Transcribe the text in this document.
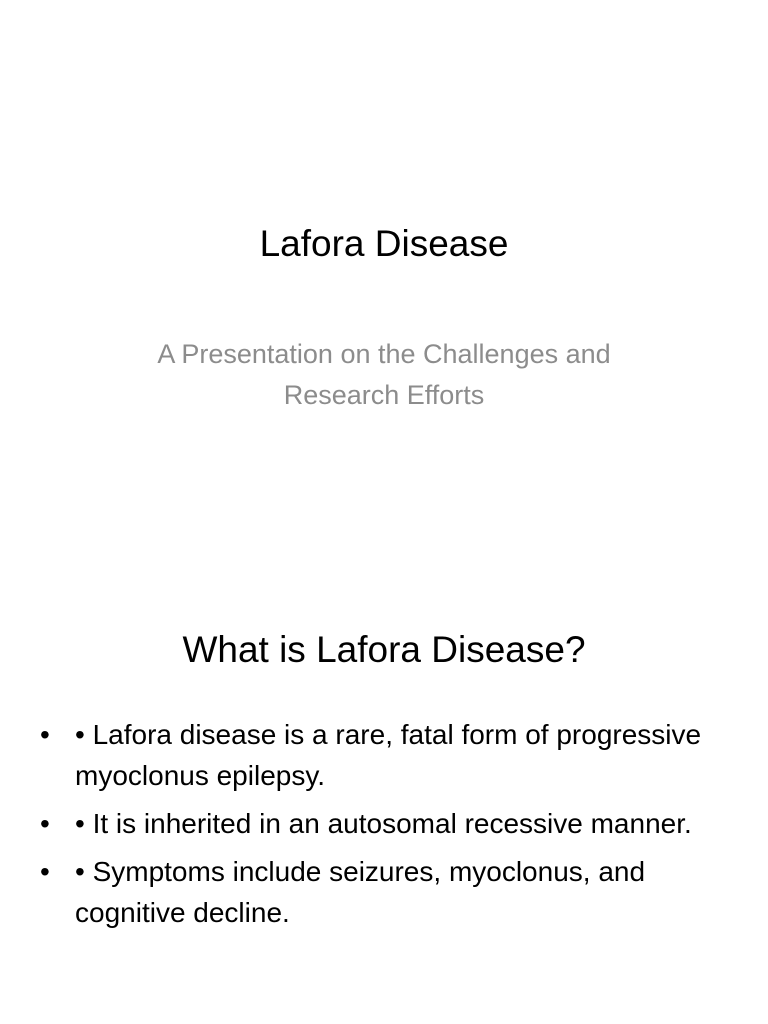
Lafora Disease
A Presentation on the Challenges and Research Efforts
What is Lafora Disease?
• • Lafora disease is a rare, fatal form of progressive myoclonus epilepsy.
• • It is inherited in an autosomal recessive manner.
• • Symptoms include seizures, myoclonus, and cognitive decline.
